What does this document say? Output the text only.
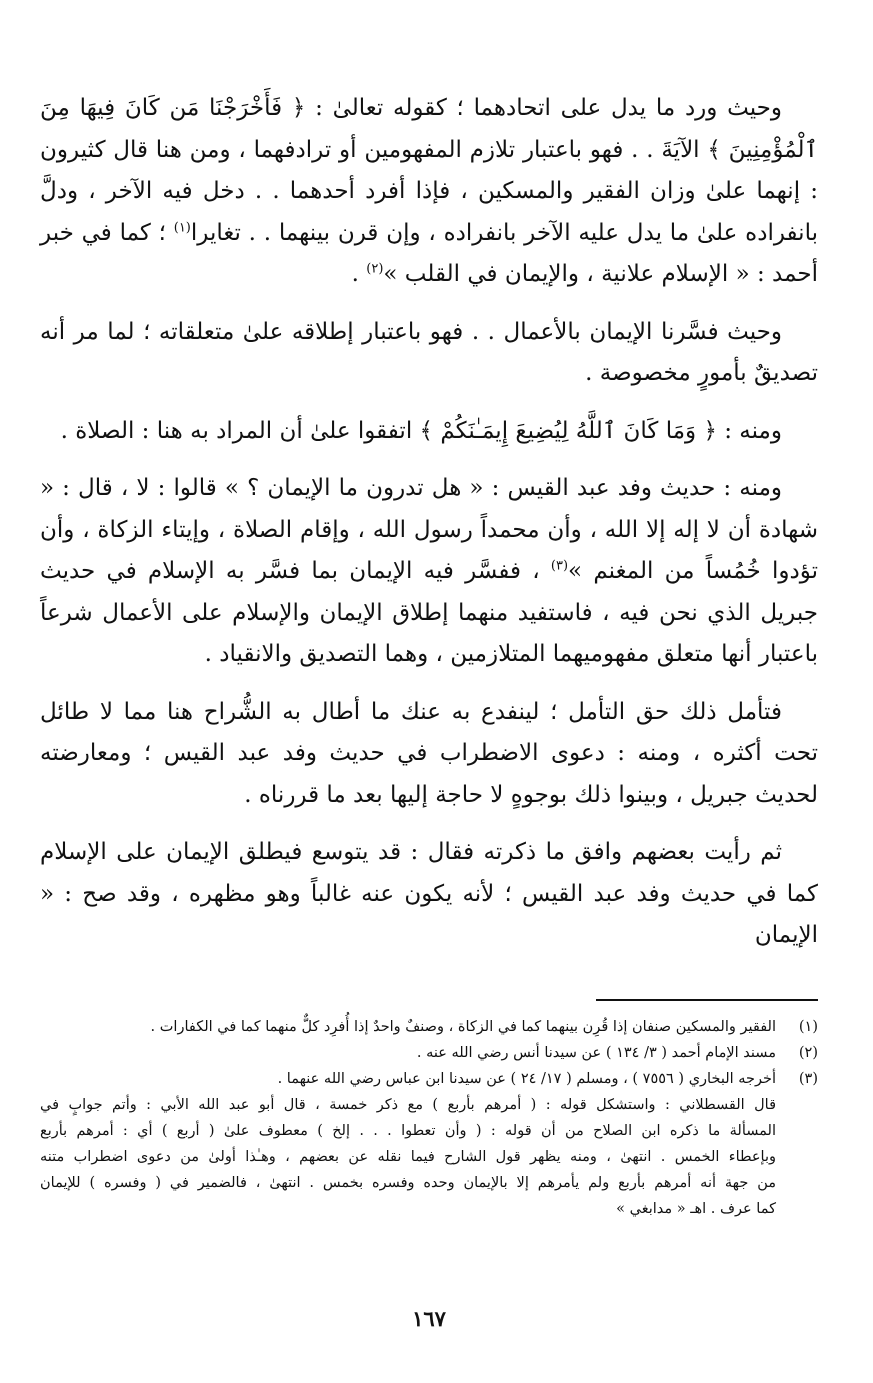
وحيث ورد ما يدل على اتحادهما ؛ كقوله تعالىٰ : ﴿ فَأَخْرَجْنَا مَن كَانَ فِيهَا مِنَ ٱلْمُؤْمِنِينَ ﴾ الآيَةَ . . فهو باعتبار تلازم المفهومين أو ترادفهما ، ومن هنا قال كثيرون : إنهما علىٰ وزان الفقير والمسكين ، فإذا أفرد أحدهما . . دخل فيه الآخر ، ودلَّ بانفراده علىٰ ما يدل عليه الآخر بانفراده ، وإن قرن بينهما . . تغايرا$^{(١)}$ ؛ كما في خبر أحمد : « الإسلام علانية ، والإيمان في القلب »$^{(٢)}$ .

وحيث فسَّرنا الإيمان بالأعمال . . فهو باعتبار إطلاقه علىٰ متعلقاته ؛ لما مر أنه تصديقٌ بأمورٍ مخصوصة .

ومنه : ﴿ وَمَا كَانَ ٱللَّهُ لِيُضِيعَ إِيمَـٰنَكُمْ ﴾ اتفقوا علىٰ أن المراد به هنا : الصلاة .

ومنه : حديث وفد عبد القيس : « هل تدرون ما الإيمان ؟ » قالوا : لا ، قال : « شهادة أن لا إله إلا الله ، وأن محمداً رسول الله ، وإقام الصلاة ، وإيتاء الزكاة ، وأن تؤدوا خُمُساً من المغنم »$^{(٣)}$ ، ففسَّر فيه الإيمان بما فسَّر به الإسلام في حديث جبريل الذي نحن فيه ، فاستفيد منهما إطلاق الإيمان والإسلام على الأعمال شرعاً باعتبار أنها متعلق مفهوميهما المتلازمين ، وهما التصديق والانقياد .

فتأمل ذلك حق التأمل ؛ لينفدع به عنك ما أطال به الشُّراح هنا مما لا طائل تحت أكثره ، ومنه : دعوى الاضطراب في حديث وفد عبد القيس ؛ ومعارضته لحديث جبريل ، وبينوا ذلك بوجوهٍ لا حاجة إليها بعد ما قررناه .

ثم رأيت بعضهم وافق ما ذكرته فقال : قد يتوسع فيطلق الإيمان على الإسلام كما في حديث وفد عبد القيس ؛ لأنه يكون عنه غالباً وهو مظهره ، وقد صح : « الإيمان

(١)
الفقير والمسكين صنفان إذا قُرِن بينهما كما في الزكاة ، وصنفٌ واحدٌ إذا أُفرِد كلٌّ منهما كما في الكفارات .
(٢)
مسند الإمام أحمد ( ٣/ ١٣٤ ) عن سيدنا أنس رضي الله عنه .
(٣)
أخرجه البخاري ( ٧٥٥٦ ) ، ومسلم ( ١٧/ ٢٤ ) عن سيدنا ابن عباس رضي الله عنهما .
قال القسطلاني : واستشكل قوله : ( أمرهم بأربع ) مع ذكر خمسة ، قال أبو عبد الله الأبي : وأتم جوابٍ في
المسألة ما ذكره ابن الصلاح من أن قوله : ( وأن تعطوا . . . إلخ ) معطوف علىٰ ( أربع ) أي : أمرهم بأربع
وبإعطاء الخمس . انتهىٰ ، ومنه يظهر قول الشارح فيما نقله عن بعضهم ، وهـٰذا أولىٰ من دعوى اضطراب متنه
من جهة أنه أمرهم بأربع ولم يأمرهم إلا بالإيمان وحده وفسره بخمس . انتهىٰ ، فالضمير في ( وفسره ) للإيمان
كما عرف . اهـ « مدابغي »
١٦٧
